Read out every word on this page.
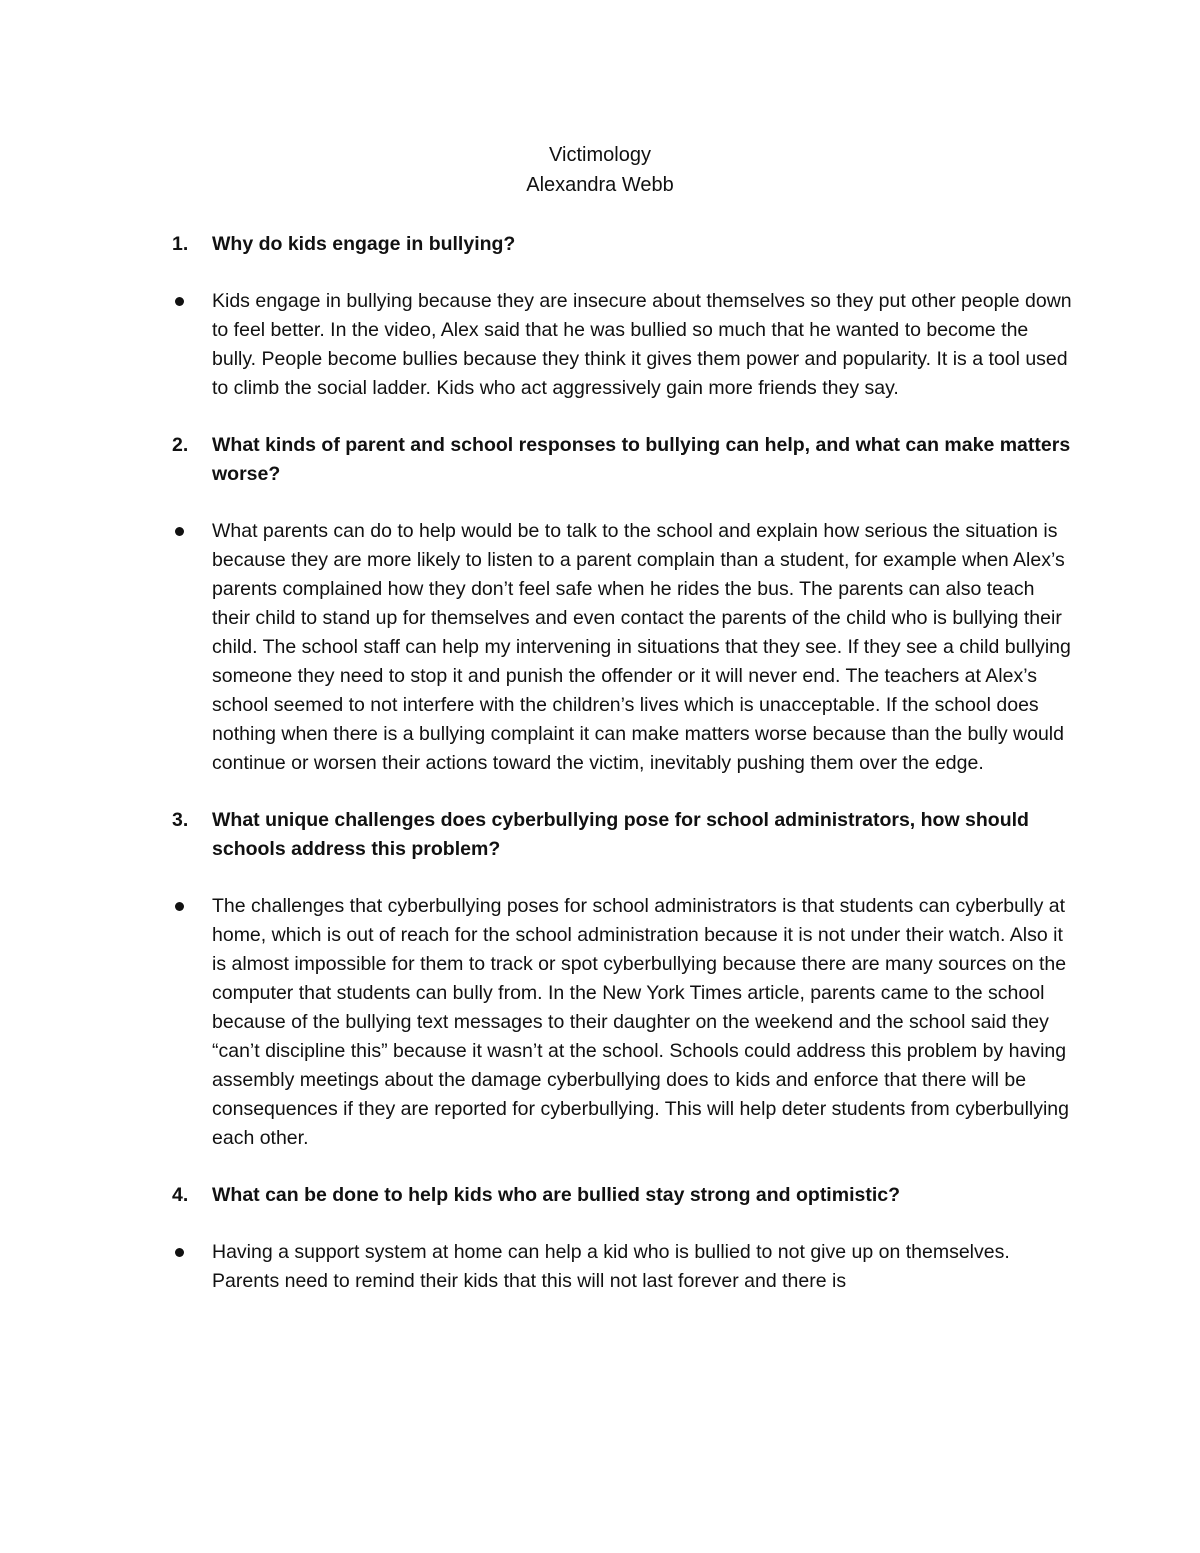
Victimology
Alexandra Webb
1.	Why do kids engage in bullying?
Kids engage in bullying because they are insecure about themselves so they put other people down to feel better. In the video, Alex said that he was bullied so much that he wanted to become the bully. People become bullies because they think it gives them power and popularity. It is a tool used to climb the social ladder. Kids who act aggressively gain more friends they say.
2.	What kinds of parent and school responses to bullying can help, and what can make matters worse?
What parents can do to help would be to talk to the school and explain how serious the situation is because they are more likely to listen to a parent complain than a student, for example when Alex’s parents complained how they don’t feel safe when he rides the bus. The parents can also teach their child to stand up for themselves and even contact the parents of the child who is bullying their child. The school staff can help my intervening in situations that they see. If they see a child bullying someone they need to stop it and punish the offender or it will never end. The teachers at Alex’s school seemed to not interfere with the children’s lives which is unacceptable. If the school does nothing when there is a bullying complaint it can make matters worse because than the bully would continue or worsen their actions toward the victim, inevitably pushing them over the edge.
3.	What unique challenges does cyberbullying pose for school administrators, how should schools address this problem?
The challenges that cyberbullying poses for school administrators is that students can cyberbully at home, which is out of reach for the school administration because it is not under their watch. Also it is almost impossible for them to track or spot cyberbullying because there are many sources on the computer that students can bully from. In the New York Times article, parents came to the school because of the bullying text messages to their daughter on the weekend and the school said they “can’t discipline this” because it wasn’t at the school. Schools could address this problem by having assembly meetings about the damage cyberbullying does to kids and enforce that there will be consequences if they are reported for cyberbullying. This will help deter students from cyberbullying each other.
4.	What can be done to help kids who are bullied stay strong and optimistic?
Having a support system at home can help a kid who is bullied to not give up on themselves. Parents need to remind their kids that this will not last forever and there is
